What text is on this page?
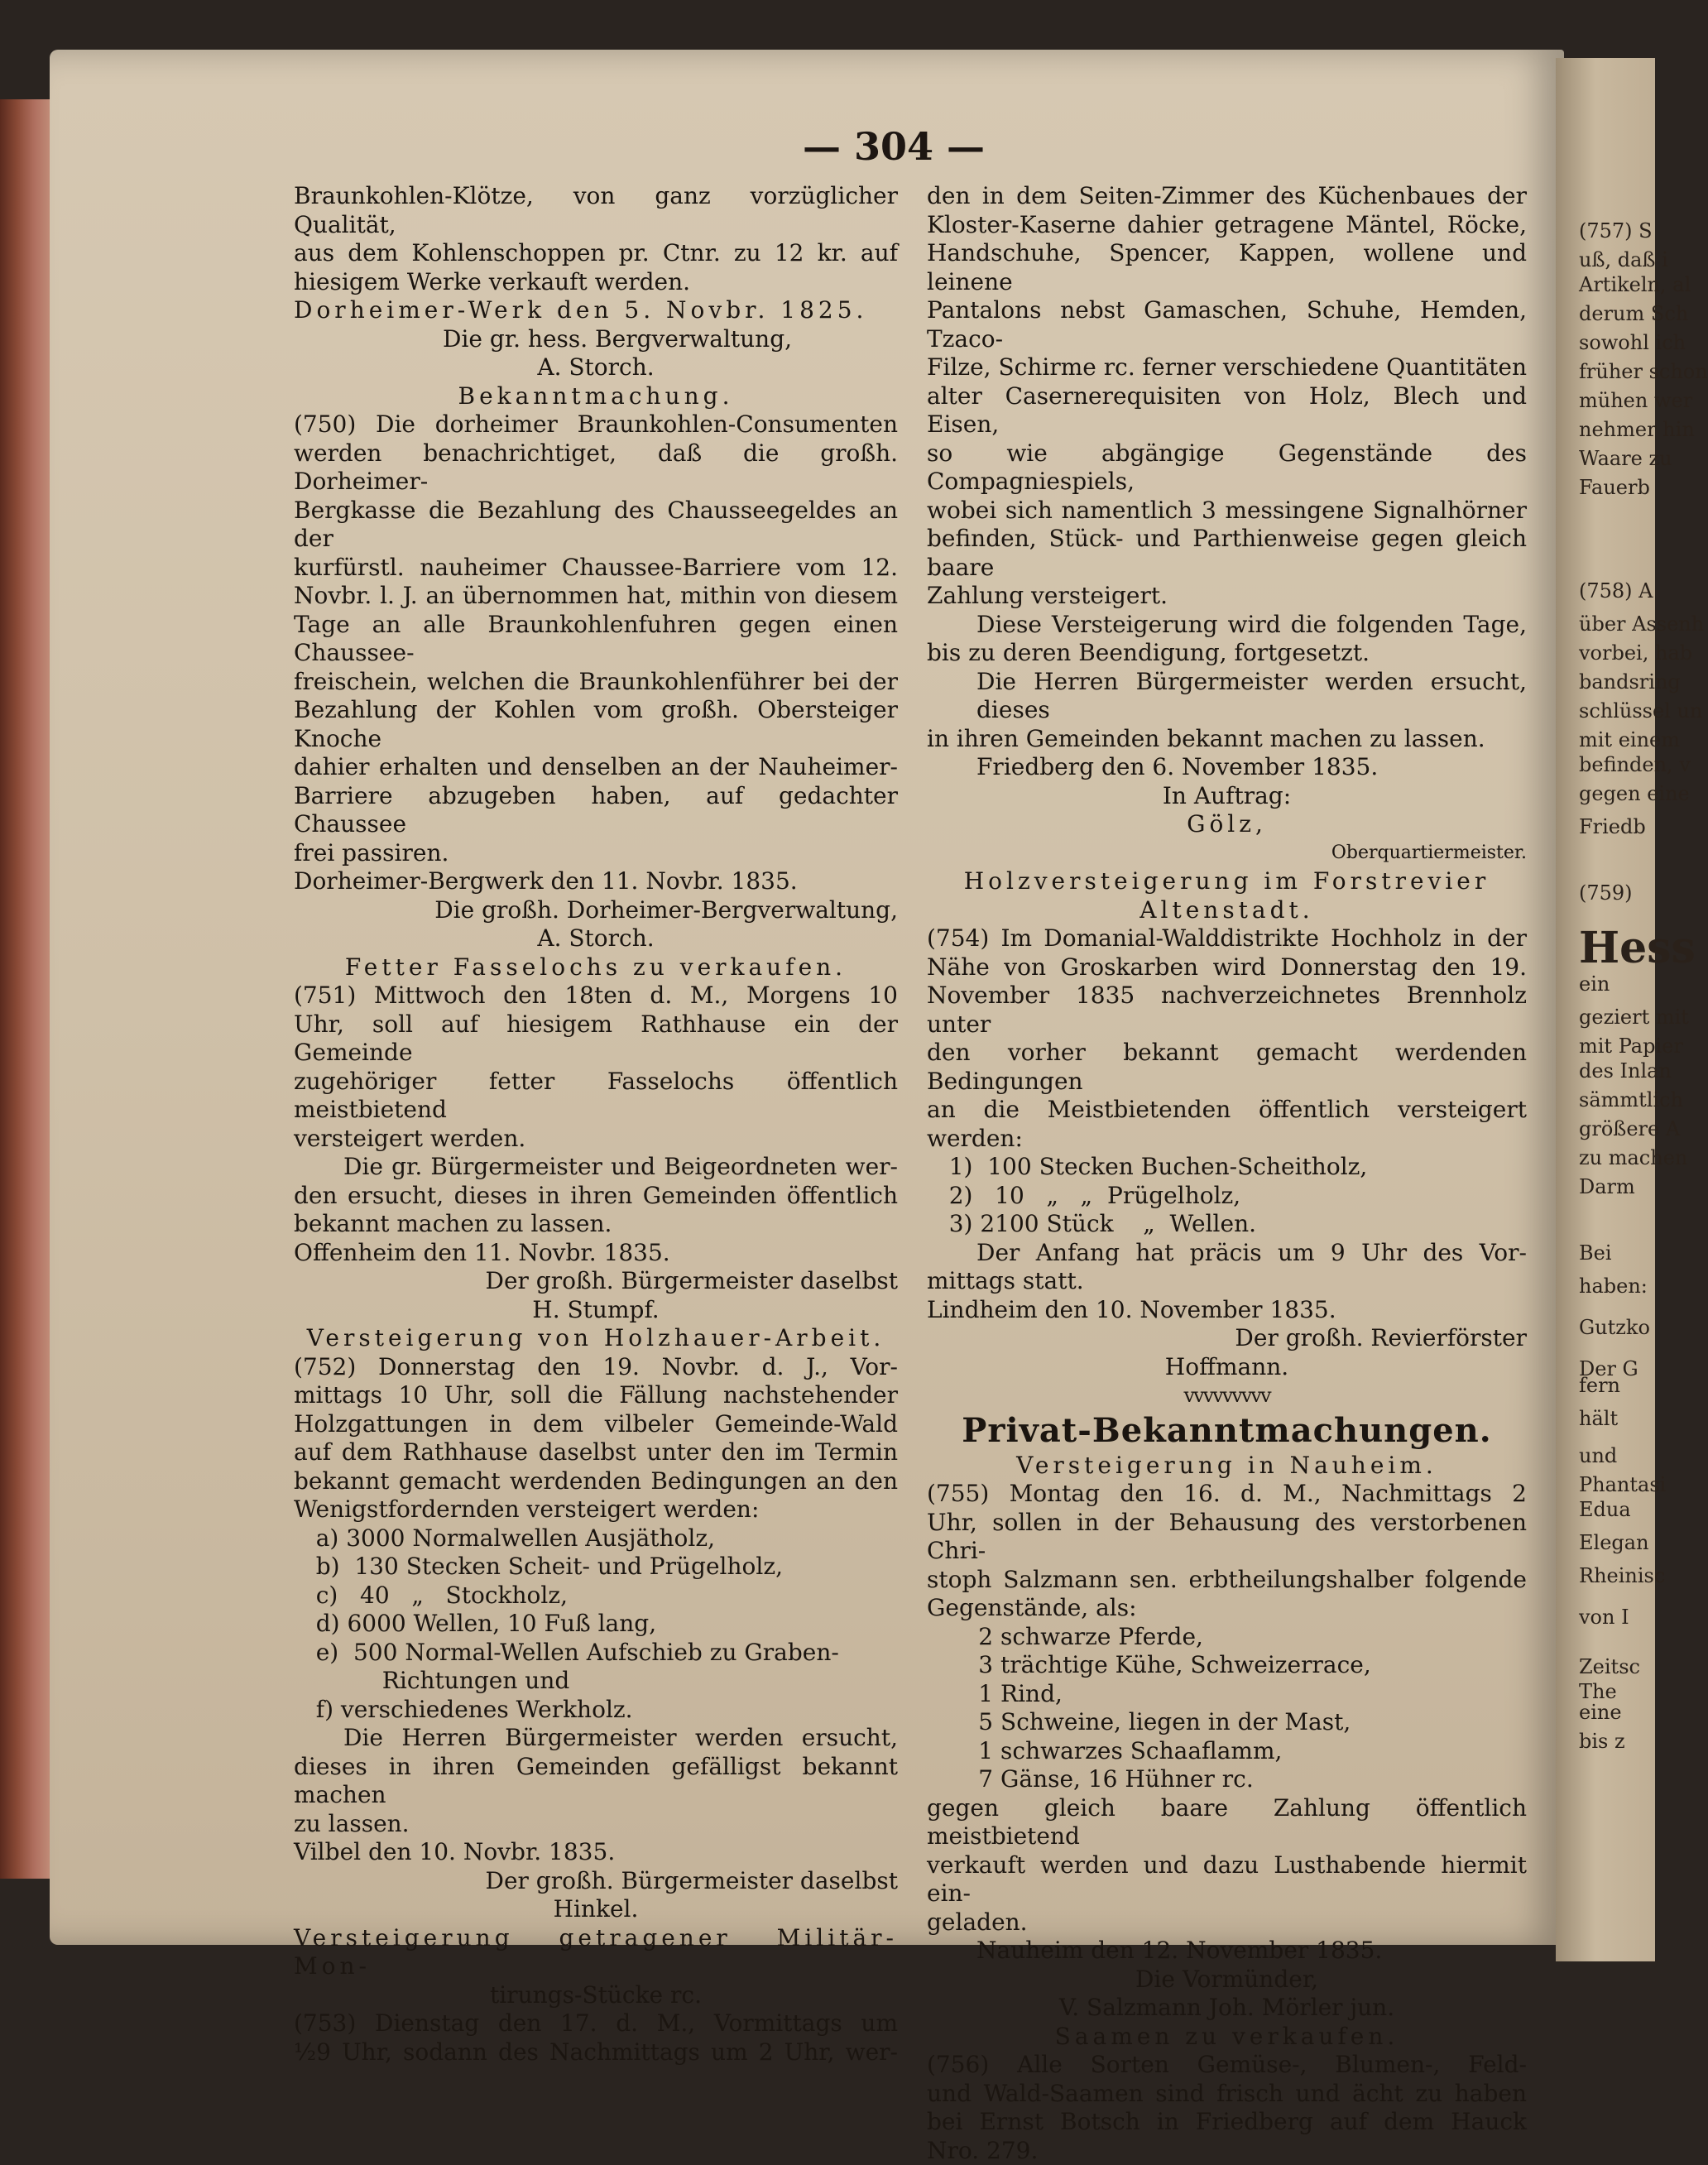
— 304 —

Braunkohlen-Klötze, von ganz vorzüglicher Qualität,

aus dem Kohlenschoppen pr. Ctnr. zu 12 kr. auf

hiesigem Werke verkauft werden.

Dorheimer-Werk den 5. Novbr. 1825.

Die gr. hess. Bergverwaltung,

A. Storch.

Bekanntmachung.

(750) Die dorheimer Braunkohlen-Consumenten

werden benachrichtiget, daß die großh. Dorheimer-

Bergkasse die Bezahlung des Chausseegeldes an der

kurfürstl. nauheimer Chaussee-Barriere vom 12.

Novbr. l. J. an übernommen hat, mithin von diesem

Tage an alle Braunkohlenfuhren gegen einen Chaussee-

freischein, welchen die Braunkohlenführer bei der

Bezahlung der Kohlen vom großh. Obersteiger Knoche

dahier erhalten und denselben an der Nauheimer-

Barriere abzugeben haben, auf gedachter Chaussee

frei passiren.

Dorheimer-Bergwerk den 11. Novbr. 1835.

Die großh. Dorheimer-Bergverwaltung,

A. Storch.

Fetter Fasselochs zu verkaufen.

(751) Mittwoch den 18ten d. M., Morgens 10

Uhr, soll auf hiesigem Rathhause ein der Gemeinde

zugehöriger fetter Fasselochs öffentlich meistbietend

versteigert werden.

Die gr. Bürgermeister und Beigeordneten wer-

den ersucht, dieses in ihren Gemeinden öffentlich

bekannt machen zu lassen.

Offenheim den 11. Novbr. 1835.

Der großh. Bürgermeister daselbst

H. Stumpf.

Versteigerung von Holzhauer-Arbeit.

(752) Donnerstag den 19. Novbr. d. J., Vor-

mittags 10 Uhr, soll die Fällung nachstehender

Holzgattungen in dem vilbeler Gemeinde-Wald

auf dem Rathhause daselbst unter den im Termin

bekannt gemacht werdenden Bedingungen an den

Wenigstfordernden versteigert werden:

a) 3000 Normalwellen Ausjätholz,

b)  130 Stecken Scheit- und Prügelholz,

c)   40   „   Stockholz,

d) 6000 Wellen, 10 Fuß lang,

e)  500 Normal-Wellen Aufschieb zu Graben-

Richtungen und

f) verschiedenes Werkholz.

Die Herren Bürgermeister werden ersucht,

dieses in ihren Gemeinden gefälligst bekannt machen

zu lassen.

Vilbel den 10. Novbr. 1835.

Der großh. Bürgermeister daselbst

Hinkel.

Versteigerung getragener Militär-Mon-

tirungs-Stücke rc.

(753) Dienstag den 17. d. M., Vormittags um

½9 Uhr, sodann des Nachmittags um 2 Uhr, wer-

den in dem Seiten-Zimmer des Küchenbaues der

Kloster-Kaserne dahier getragene Mäntel, Röcke,

Handschuhe, Spencer, Kappen, wollene und leinene

Pantalons nebst Gamaschen, Schuhe, Hemden, Tzaco-

Filze, Schirme rc. ferner verschiedene Quantitäten

alter Casernerequisiten von Holz, Blech und Eisen,

so wie abgängige Gegenstände des Compagniespiels,

wobei sich namentlich 3 messingene Signalhörner

befinden, Stück- und Parthienweise gegen gleich baare

Zahlung versteigert.

Diese Versteigerung wird die folgenden Tage,

bis zu deren Beendigung, fortgesetzt.

Die Herren Bürgermeister werden ersucht, dieses

in ihren Gemeinden bekannt machen zu lassen.

Friedberg den 6. November 1835.

In Auftrag:

Gölz,

Oberquartiermeister.

Holzversteigerung im Forstrevier

Altenstadt.

(754) Im Domanial-Walddistrikte Hochholz in der

Nähe von Groskarben wird Donnerstag den 19.

November 1835 nachverzeichnetes Brennholz unter

den vorher bekannt gemacht werdenden Bedingungen

an die Meistbietenden öffentlich versteigert werden:

1)  100 Stecken Buchen-Scheitholz,

2)   10   „   „  Prügelholz,

3) 2100 Stück    „  Wellen.

Der Anfang hat präcis um 9 Uhr des Vor-

mittags statt.

Lindheim den 10. November 1835.

Der großh. Revierförster

Hoffmann.

vvvvvvvvv
Privat-Bekanntmachungen.

Versteigerung in Nauheim.

(755) Montag den 16. d. M., Nachmittags 2

Uhr, sollen in der Behausung des verstorbenen Chri-

stoph Salzmann sen. erbtheilungshalber folgende

Gegenstände, als:

2 schwarze Pferde,

3 trächtige Kühe, Schweizerrace,

1 Rind,

5 Schweine, liegen in der Mast,

1 schwarzes Schaaflamm,

7 Gänse, 16 Hühner rc.

gegen gleich baare Zahlung öffentlich meistbietend

verkauft werden und dazu Lusthabende hiermit ein-

geladen.

Nauheim den 12. November 1835.

Die Vormünder,

V. Salzmann Joh. Mörler jun.

Saamen zu verkaufen.

(756) Alle Sorten Gemüse-, Blumen-, Feld-

und Wald-Saamen sind frisch und ächt zu haben

bei Ernst Botsch in Friedberg auf dem Hauck

Nro. 279.

(757) S
uß, daß i
Artikeln, al
derum Sch
sowohl ich
früher schon
mühen wer
nehmer hin
Waare zu
Fauerb
(758) A
über Assenh
vorbei, hab
bandsring
schlüssel un
mit einem
befinden, v
gegen eine
Friedb
(759)
Hess
ein
geziert mit
mit Papier
des Inlan
sämmtlich
größere A
zu machen
Darm
Bei
haben:
Gutzko
Der G
fern
hält
und
Phantasi
Edua
Elegan
Rheinisc
von I
Zeitsc
The
eine
bis z
